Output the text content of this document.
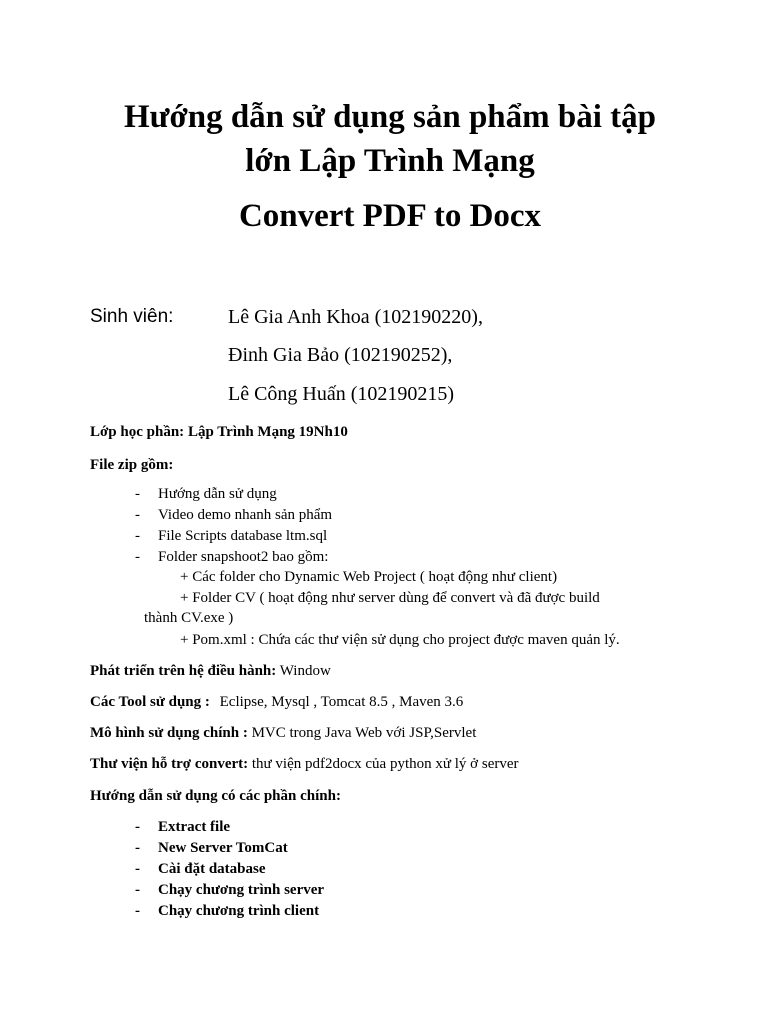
Hướng dẫn sử dụng sản phẩm bài tập
lớn Lập Trình Mạng
Convert PDF to Docx
Sinh viên:	Lê Gia Anh Khoa (102190220),
Đinh Gia Bảo (102190252),
Lê Công Huấn (102190215)
Lớp học phần: Lập Trình Mạng 19Nh10
File zip gồm:
- Hướng dẫn sử dụng
- Video demo nhanh sản phẩm
- File Scripts database ltm.sql
- Folder snapshoot2 bao gồm:
+ Các folder cho Dynamic Web Project ( hoạt động như client)
+ Folder CV ( hoạt động như server dùng để convert và đã được build
thành CV.exe )
+ Pom.xml : Chứa các thư viện sử dụng cho project được maven quản lý.
Phát triển trên hệ điều hành: Window
Các Tool sử dụng : Eclipse, Mysql , Tomcat 8.5 , Maven 3.6
Mô hình sử dụng chính : MVC trong Java Web với JSP,Servlet
Thư viện hỗ trợ convert: thư viện pdf2docx của python xử lý ở server
Hướng dẫn sử dụng có các phần chính:
- Extract file
- New Server TomCat
- Cài đặt database
- Chạy chương trình server
- Chạy chương trình client
